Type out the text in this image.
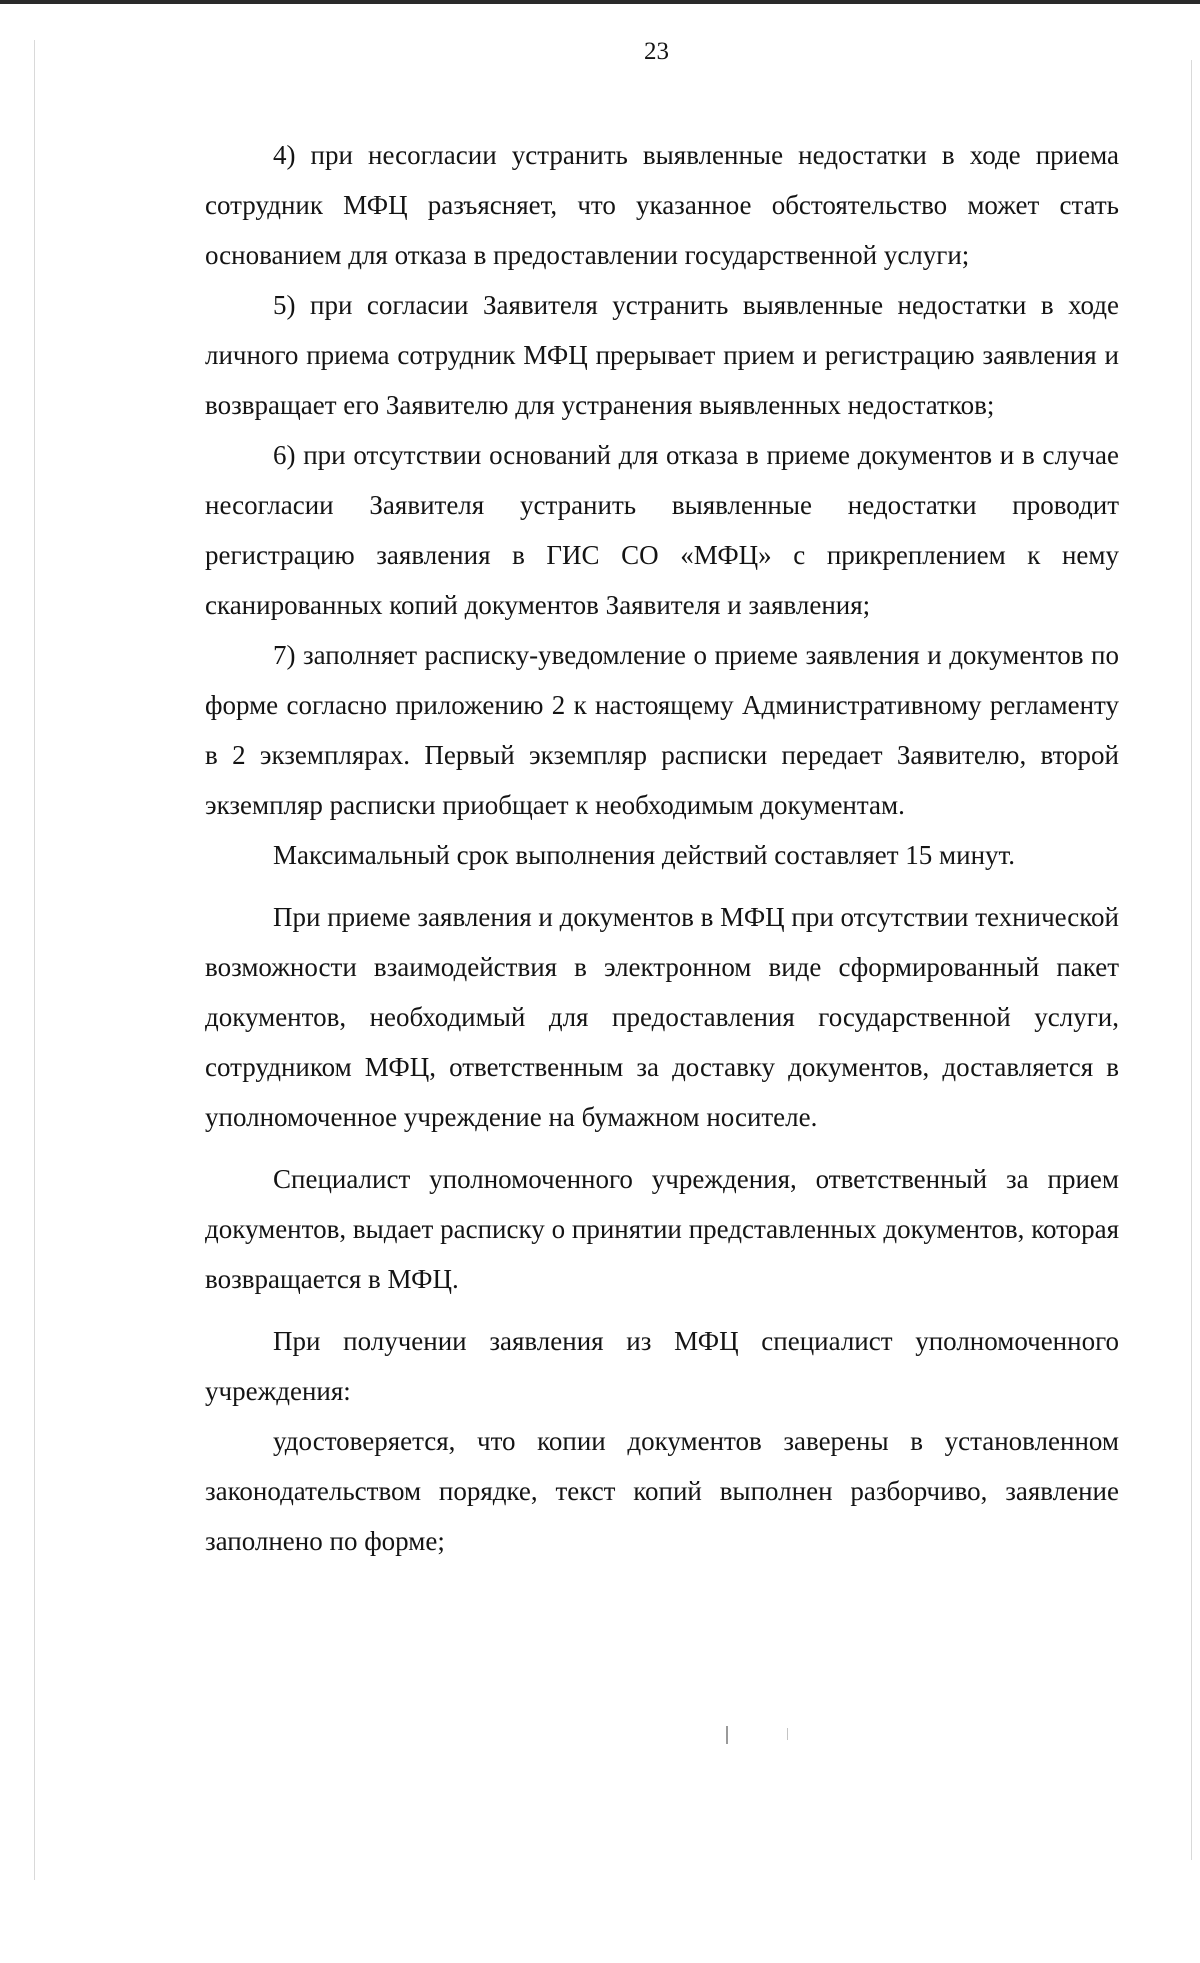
23

4) при несогласии устранить выявленные недостатки в ходе приема сотрудник МФЦ разъясняет, что указанное обстоятельство может стать основанием для отказа в предоставлении государственной услуги;

5) при согласии Заявителя устранить выявленные недостатки в ходе личного приема сотрудник МФЦ прерывает прием и регистрацию заявления и возвращает его Заявителю для устранения выявленных недостатков;

6) при отсутствии оснований для отказа в приеме документов и в случае несогласии Заявителя устранить выявленные недостатки проводит регистрацию заявления в ГИС СО «МФЦ» с прикреплением к нему сканированных копий документов Заявителя и заявления;

7) заполняет расписку-уведомление о приеме заявления и документов по форме согласно приложению 2 к настоящему Административному регламенту в 2 экземплярах. Первый экземпляр расписки передает Заявителю, второй экземпляр расписки приобщает к необходимым документам.

Максимальный срок выполнения действий составляет 15 минут.

При приеме заявления и документов в МФЦ при отсутствии технической возможности взаимодействия в электронном виде сформированный пакет документов, необходимый для предоставления государственной услуги, сотрудником МФЦ, ответственным за доставку документов, доставляется в уполномоченное учреждение на бумажном носителе.

Специалист уполномоченного учреждения, ответственный за прием документов, выдает расписку о принятии представленных документов, которая возвращается в МФЦ.

При получении заявления из МФЦ специалист уполномоченного учреждения:

удостоверяется, что копии документов заверены в установленном законодательством порядке, текст копий выполнен разборчиво, заявление заполнено по форме;
